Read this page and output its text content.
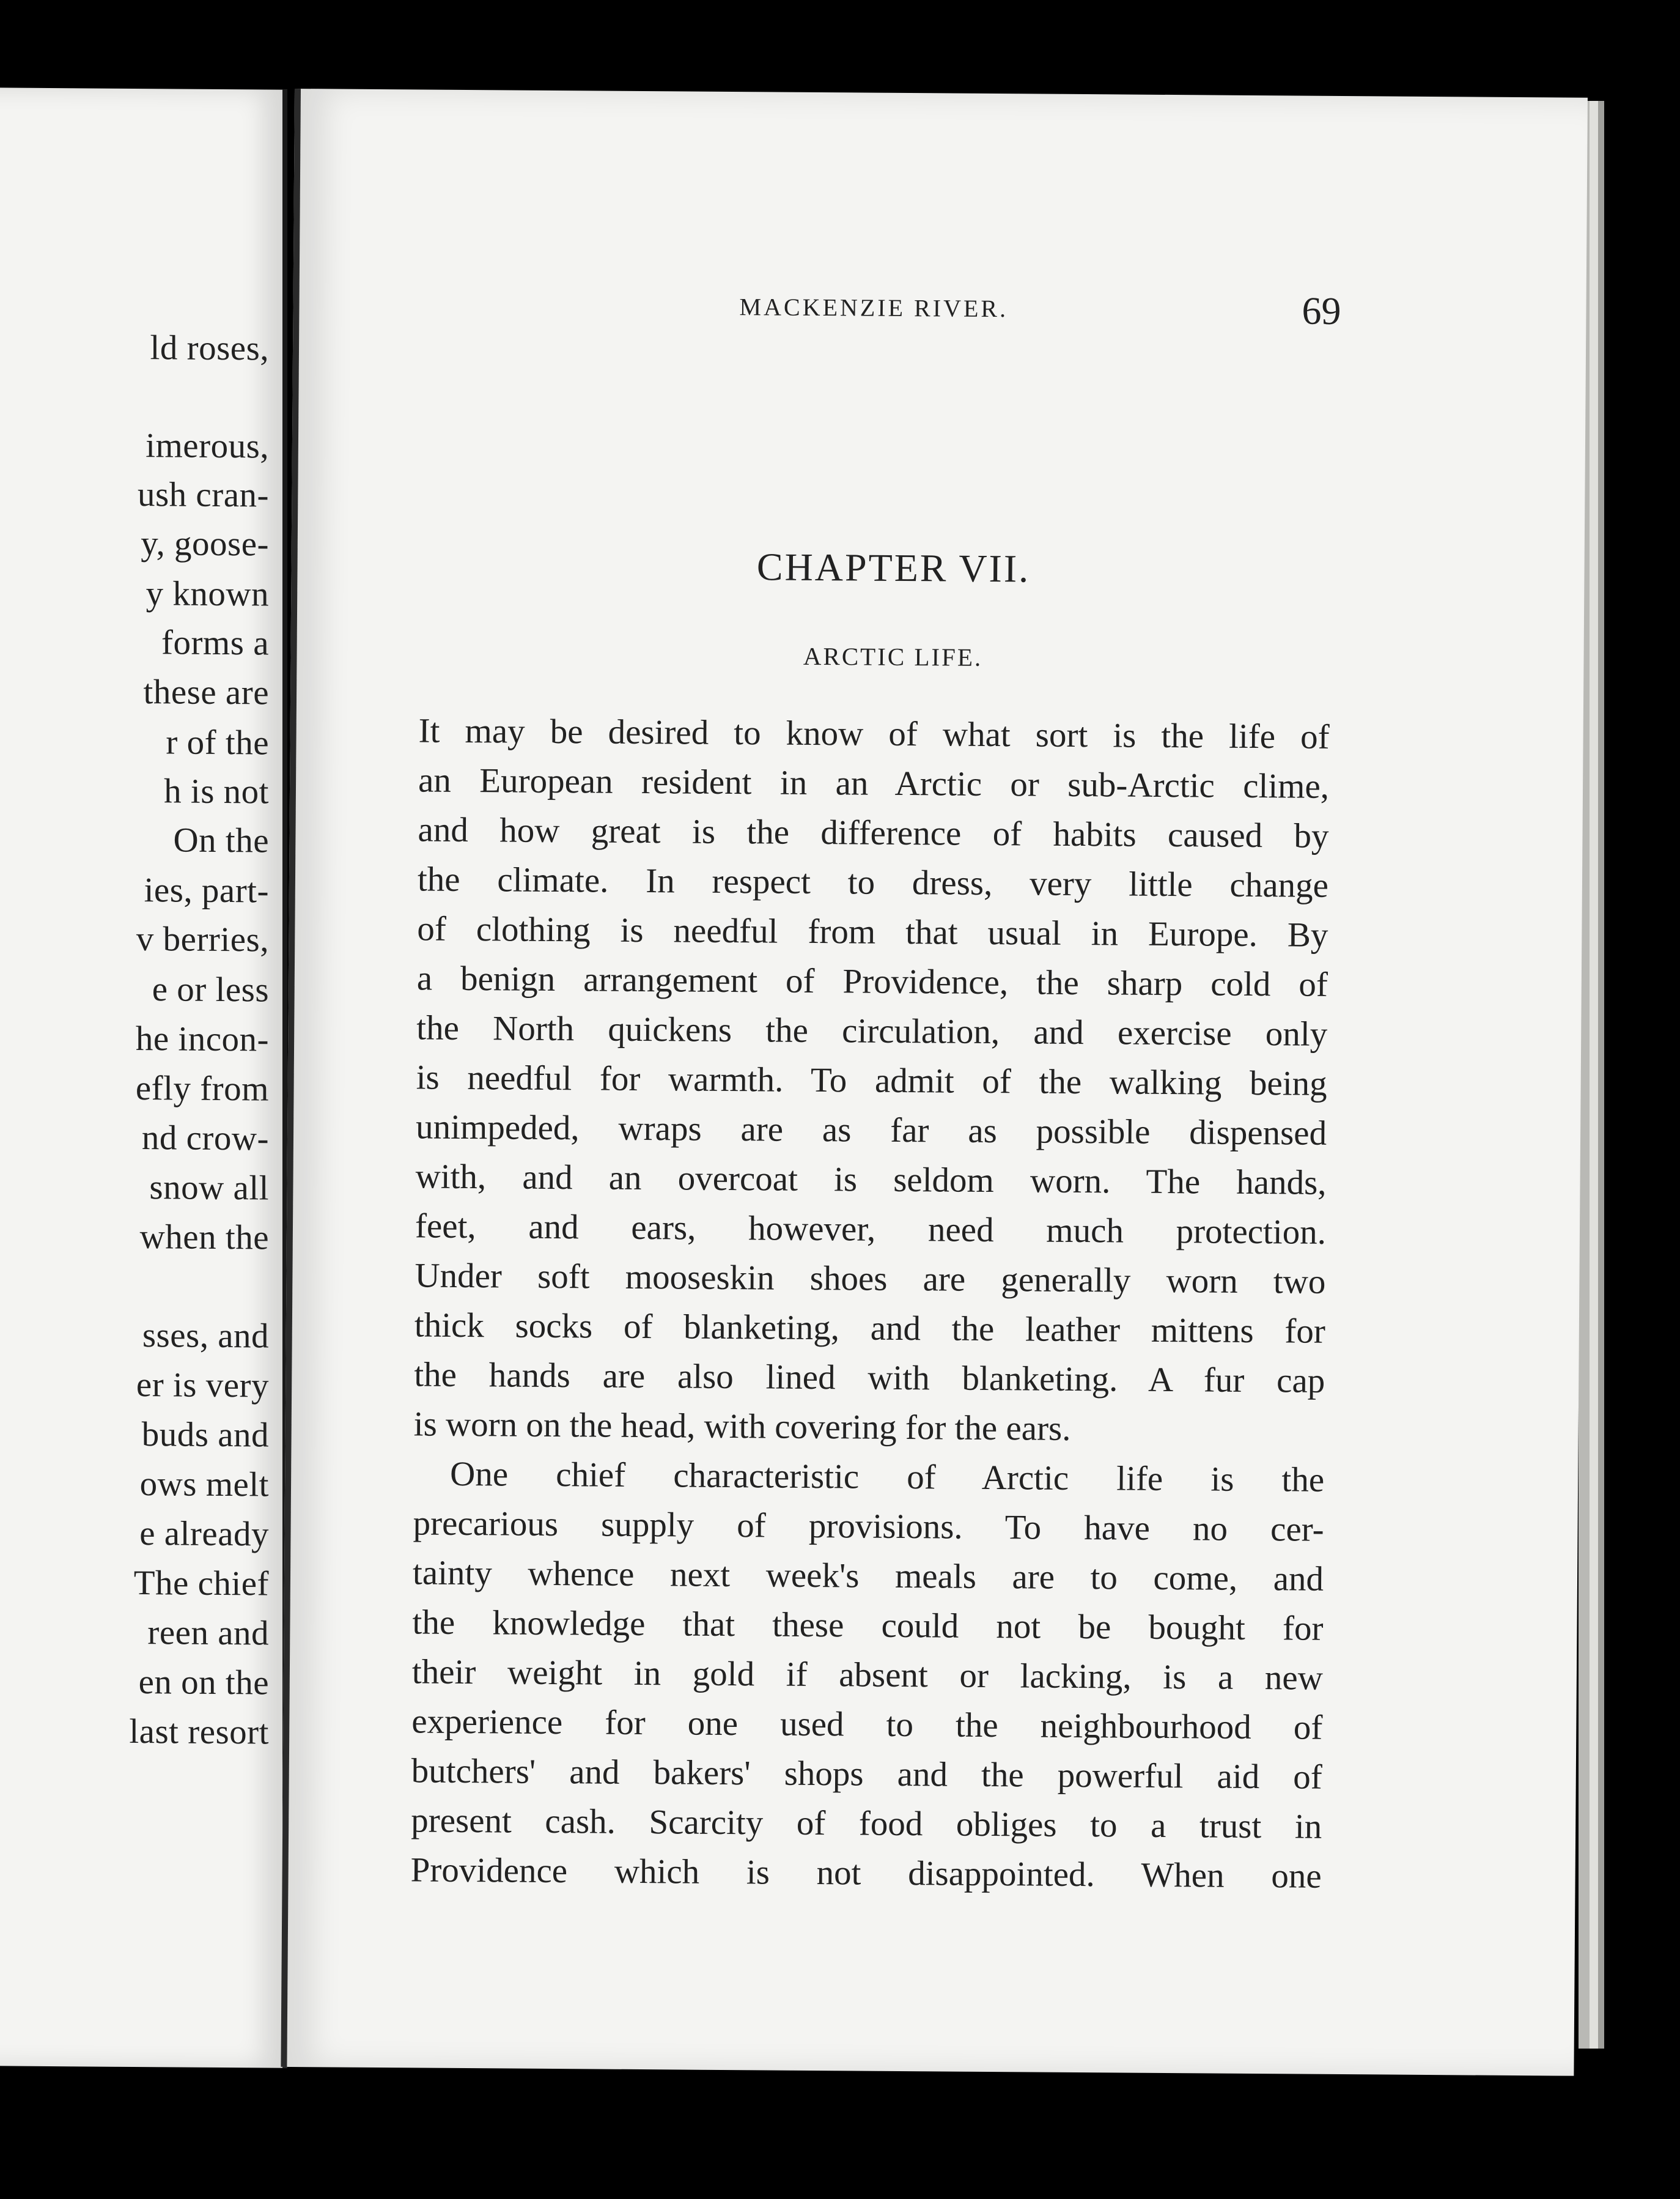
ld roses,
imerous,
ush cran-
y, goose-
y known
forms a
these are
r of the
h is not
On the
ies, part-
v berries,
e or less
he incon-
efly from
nd crow-
snow all
when the
sses, and
er is very
buds and
ows melt
e already
The chief
reen and
en on the
last resort
MACKENZIE RIVER.	69
CHAPTER VII.
ARCTIC LIFE.
It may be desired to know of what sort is the life of
an European resident in an Arctic or sub-Arctic clime,
and how great is the difference of habits caused by
the climate. In respect to dress, very little change
of clothing is needful from that usual in Europe. By
a benign arrangement of Providence, the sharp cold of
the North quickens the circulation, and exercise only
is needful for warmth. To admit of the walking being
unimpeded, wraps are as far as possible dispensed
with, and an overcoat is seldom worn. The hands,
feet, and ears, however, need much protection.
Under soft mooseskin shoes are generally worn two
thick socks of blanketing, and the leather mittens for
the hands are also lined with blanketing. A fur cap
is worn on the head, with covering for the ears.
One chief characteristic of Arctic life is the
precarious supply of provisions. To have no cer-
tainty whence next week's meals are to come, and
the knowledge that these could not be bought for
their weight in gold if absent or lacking, is a new
experience for one used to the neighbourhood of
butchers' and bakers' shops and the powerful aid of
present cash. Scarcity of food obliges to a trust in
Providence which is not disappointed. When one
